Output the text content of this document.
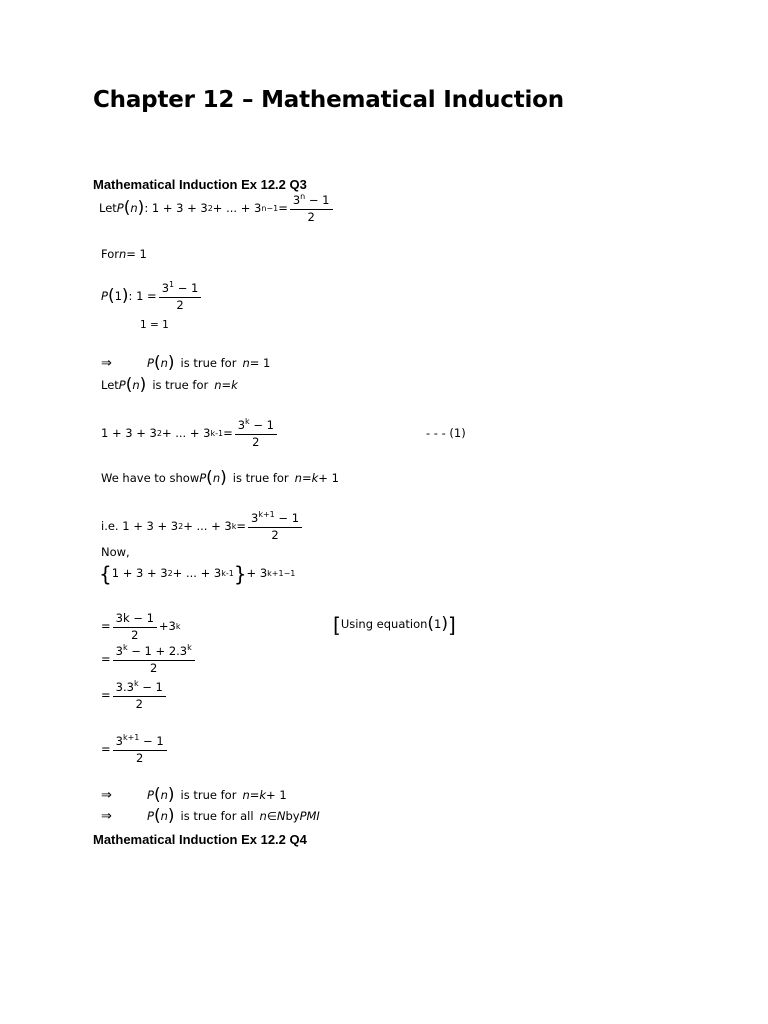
Chapter 12 – Mathematical Induction
Mathematical Induction Ex 12.2 Q3
Let P ( n ) : 1 + 3 + 3 2 + ... + 3 $n-1 = \frac{3^n - 1}{2}$
For n = 1
P ( 1 ) : $1 = \frac{3^1 - 1}{2}$
1 = 1
⇒	P ( n ) is true for n = 1
Let P ( n ) is true for n = k
1 + 3 + 3 2 + ... + 3 $k-1 = \frac{3^k - 1}{2}$	- - - (1)
We have to show P ( n ) is true for n = k + 1
i.e. 1 + 3 + 3 2 + ... + 3 $k = \frac{3^{k+1} - 1}{2}$
Now,
{ 1 + 3 + 3 2 + ... + 3 k-1 } + 3 k+1−1
= $\frac{3k - 1}{2} + 3$ k	[ Using equation ( 1 ) ]
= $\frac{3^k - 1 + 2.3^k}{2}$
= $\frac{3.3^k - 1}{2}$
= $\frac{3^{k+1} - 1}{2}$
⇒	P ( n ) is true for n = k + 1
⇒	P ( n ) is true for all n ∈ N by PMI
Mathematical Induction Ex 12.2 Q4
